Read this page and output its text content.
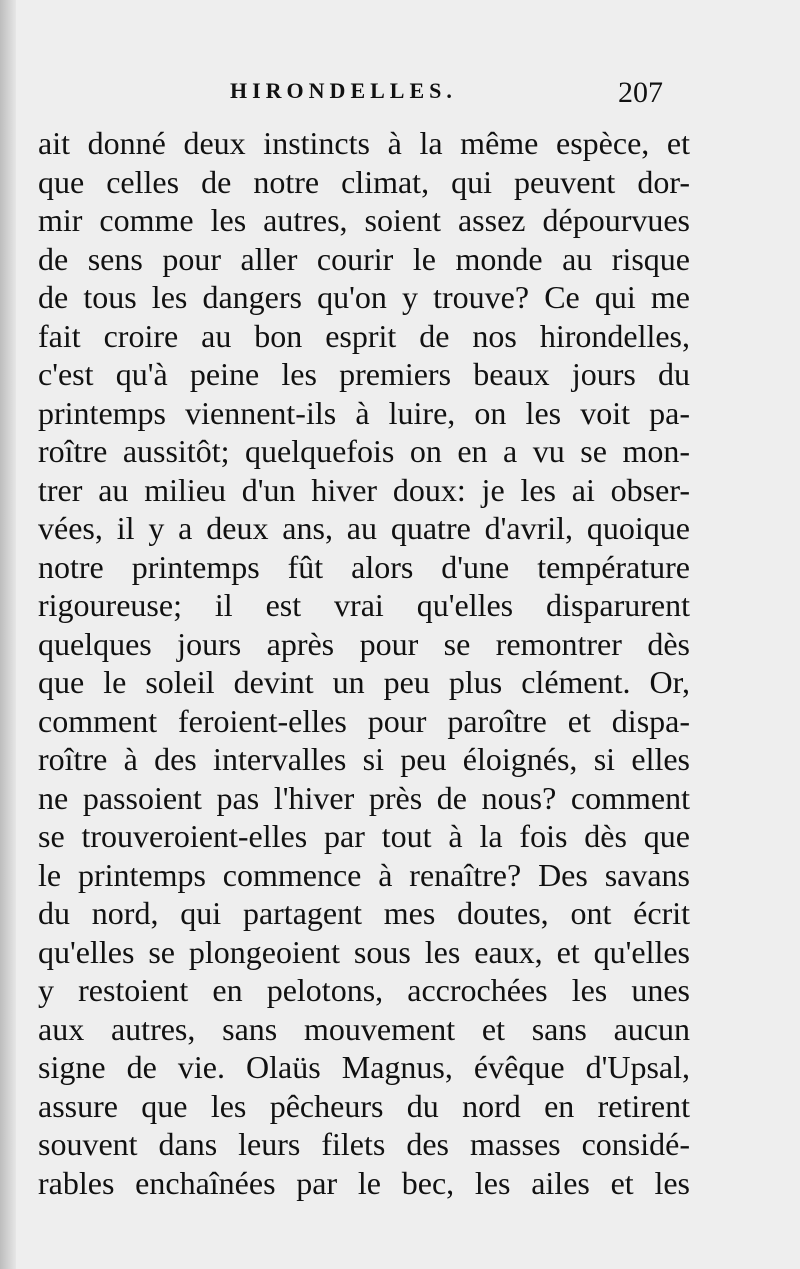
HIRONDELLES.	207
ait donné deux instincts à la même espèce, et
que celles de notre climat, qui peuvent dor-
mir comme les autres, soient assez dépourvues
de sens pour aller courir le monde au risque
de tous les dangers qu'on y trouve? Ce qui me
fait croire au bon esprit de nos hirondelles,
c'est qu'à peine les premiers beaux jours du
printemps viennent-ils à luire, on les voit pa-
roître aussitôt; quelquefois on en a vu se mon-
trer au milieu d'un hiver doux: je les ai obser-
vées, il y a deux ans, au quatre d'avril, quoique
notre printemps fût alors d'une température
rigoureuse; il est vrai qu'elles disparurent
quelques jours après pour se remontrer dès
que le soleil devint un peu plus clément. Or,
comment feroient-elles pour paroître et dispa-
roître à des intervalles si peu éloignés, si elles
ne passoient pas l'hiver près de nous? comment
se trouveroient-elles par tout à la fois dès que
le printemps commence à renaître? Des savans
du nord, qui partagent mes doutes, ont écrit
qu'elles se plongeoient sous les eaux, et qu'elles
y restoient en pelotons, accrochées les unes
aux autres, sans mouvement et sans aucun
signe de vie. Olaüs Magnus, évêque d'Upsal,
assure que les pêcheurs du nord en retirent
souvent dans leurs filets des masses considé-
rables enchaînées par le bec, les ailes et les
